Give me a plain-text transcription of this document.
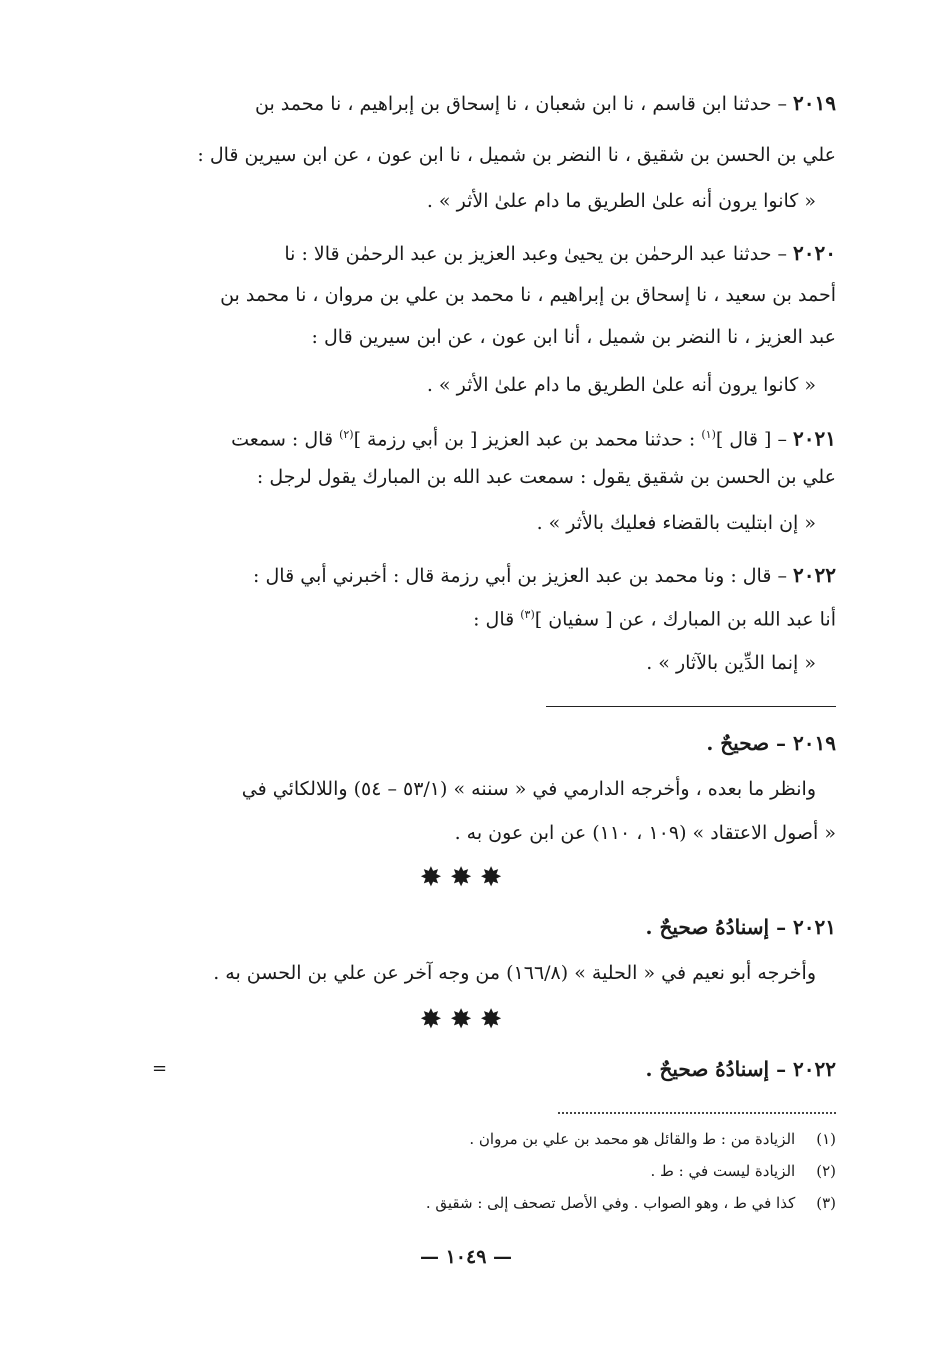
٢٠١٩ – حدثنا ابن قاسم ، نا ابن شعبان ، نا إسحاق بن إبراهيم ، نا محمد بن
علي بن الحسن بن شقيق ، نا النضر بن شميل ، نا ابن عون ، عن ابن سيرين قال :
« كانوا يرون أنه علىٰ الطريق ما دام علىٰ الأثر » .
٢٠٢٠ – حدثنا عبد الرحمٰن بن يحيىٰ وعبد العزيز بن عبد الرحمٰن قالا : نا
أحمد بن سعيد ، نا إسحاق بن إبراهيم ، نا محمد بن علي بن مروان ، نا محمد بن
عبد العزيز ، نا النضر بن شميل ، أنا ابن عون ، عن ابن سيرين قال :
« كانوا يرون أنه علىٰ الطريق ما دام علىٰ الأثر » .
٢٠٢١ – [ قال ]$^{(١)}$ : حدثنا محمد بن عبد العزيز [ بن أبي رزمة ]$^{(٢)}$ قال : سمعت
علي بن الحسن بن شقيق يقول : سمعت عبد الله بن المبارك يقول لرجل :
« إن ابتليت بالقضاء فعليك بالأثر » .
٢٠٢٢ – قال : ونا محمد بن عبد العزيز بن أبي رزمة قال : أخبرني أبي قال :
أنا عبد الله بن المبارك ، عن [ سفيان ]$^{(٣)}$ قال :
« إنما الدِّين بالآثار » .
٢٠١٩ – صحيحٌ .
وانظر ما بعده ، وأخرجه الدارمي في « سننه » (٥٣/١ – ٥٤) واللالكائي في
« أصول الاعتقاد » (١٠٩ ، ١١٠) عن ابن عون به .
✸✸✸
٢٠٢١ – إسنادُهُ صحيحٌ .
وأخرجه أبو نعيم في « الحلية » (١٦٦/٨) من وجه آخر عن علي بن الحسن به .
✸✸✸
٢٠٢٢ – إسنادُهُ صحيحٌ .
=
(١) الزيادة من : ط والقائل هو محمد بن علي بن مروان .
(٢) الزيادة ليست في : ط .
(٣) كذا في ط ، وهو الصواب . وفي الأصل تصحف إلى : شقيق .
— ١٠٤٩ —
